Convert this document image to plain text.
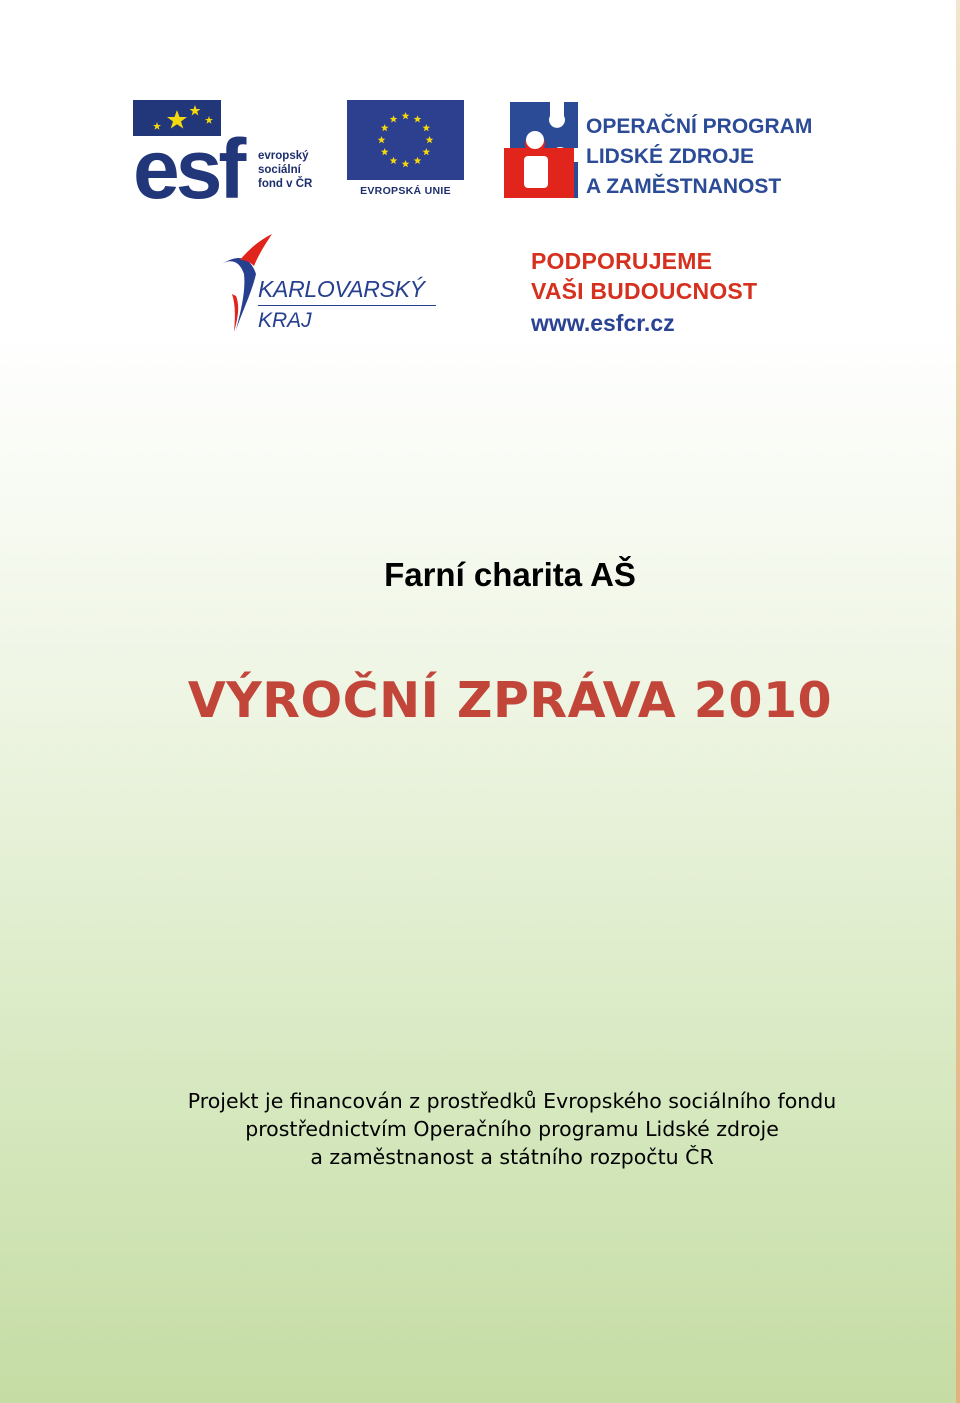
esf	evropský
sociální
fond v ČR
EVROPSKÁ UNIE
OPERAČNÍ PROGRAM
LIDSKÉ ZDROJE
A ZAMĚSTNANOST
KARLOVARSKÝ
KRAJ
PODPORUJEME
VAŠI BUDOUCNOST
www.esfcr.cz
Farní charita AŠ
VÝROČNÍ ZPRÁVA 2010
Projekt je financován z prostředků Evropského sociálního fondu
prostřednictvím Operačního programu Lidské zdroje
a zaměstnanost a státního rozpočtu ČR
